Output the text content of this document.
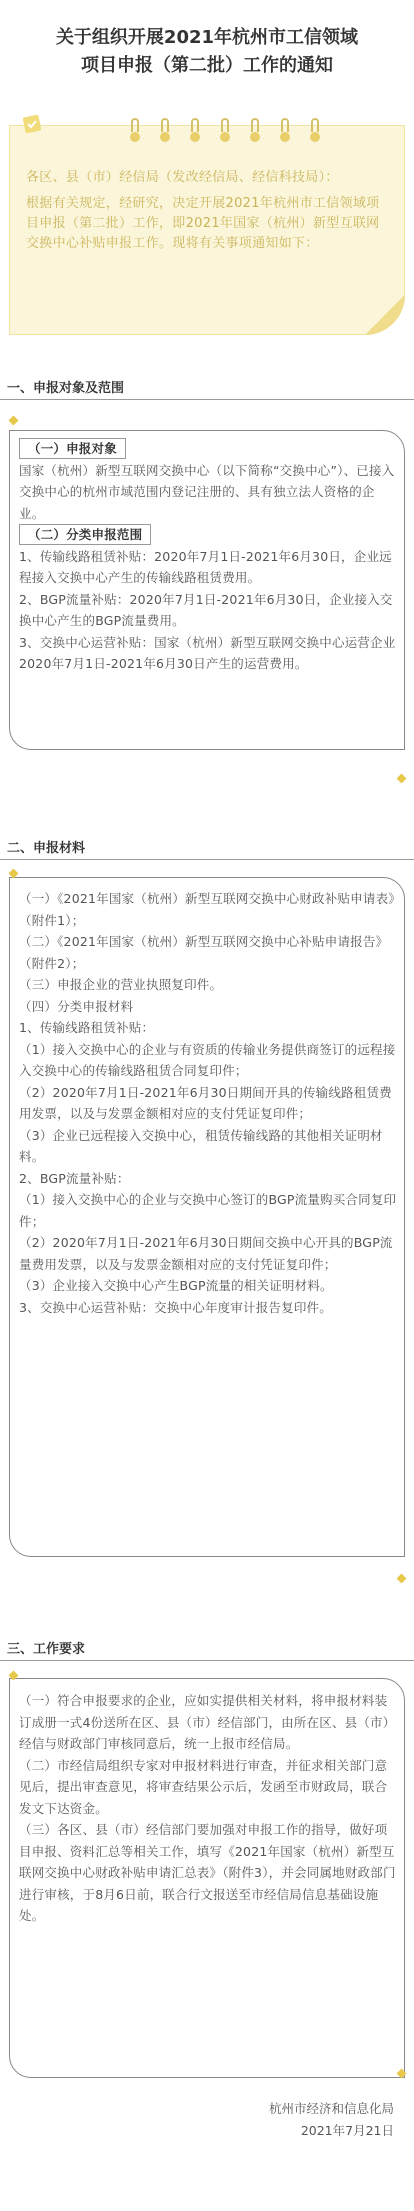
关于组织开展2021年杭州市工信领域
项目申报（第二批）工作的通知

各区、县（市）经信局（发改经信局、经信科技局）：

根据有关规定，经研究，决定开展2021年杭州市工信领域项目申报（第二批）工作，即2021年国家（杭州）新型互联网交换中心补贴申报工作。现将有关事项通知如下：

一、申报对象及范围

（一）申报对象

国家（杭州）新型互联网交换中心（以下简称“交换中心”）、已接入交换中心的杭州市域范围内登记注册的、具有独立法人资格的企业。

（二）分类申报范围

1、传输线路租赁补贴：2020年7月1日-2021年6月30日，企业远程接入交换中心产生的传输线路租赁费用。

2、BGP流量补贴：2020年7月1日-2021年6月30日，企业接入交换中心产生的BGP流量费用。

3、交换中心运营补贴：国家（杭州）新型互联网交换中心运营企业2020年7月1日-2021年6月30日产生的运营费用。

二、申报材料

（一）《2021年国家（杭州）新型互联网交换中心财政补贴申请表》（附件1）；

（二）《2021年国家（杭州）新型互联网交换中心补贴申请报告》（附件2）；

（三）申报企业的营业执照复印件。

（四）分类申报材料

1、传输线路租赁补贴：

（1）接入交换中心的企业与有资质的传输业务提供商签订的远程接入交换中心的传输线路租赁合同复印件；

（2）2020年7月1日-2021年6月30日期间开具的传输线路租赁费用发票，以及与发票金额相对应的支付凭证复印件；

（3）企业已远程接入交换中心，租赁传输线路的其他相关证明材料。

2、BGP流量补贴：

（1）接入交换中心的企业与交换中心签订的BGP流量购买合同复印件；

（2）2020年7月1日-2021年6月30日期间交换中心开具的BGP流量费用发票，以及与发票金额相对应的支付凭证复印件；

（3）企业接入交换中心产生BGP流量的相关证明材料。

3、交换中心运营补贴：交换中心年度审计报告复印件。

三、工作要求

（一）符合申报要求的企业，应如实提供相关材料，将申报材料装订成册一式4份送所在区、县（市）经信部门，由所在区、县（市）经信与财政部门审核同意后，统一上报市经信局。

（二）市经信局组织专家对申报材料进行审查，并征求相关部门意见后，提出审查意见，将审查结果公示后，发函至市财政局，联合发文下达资金。

（三）各区、县（市）经信部门要加强对申报工作的指导，做好项目申报、资料汇总等相关工作，填写《2021年国家（杭州）新型互联网交换中心财政补贴申请汇总表》（附件3），并会同属地财政部门进行审核，于8月6日前，联合行文报送至市经信局信息基础设施处。

杭州市经济和信息化局
2021年7月21日
